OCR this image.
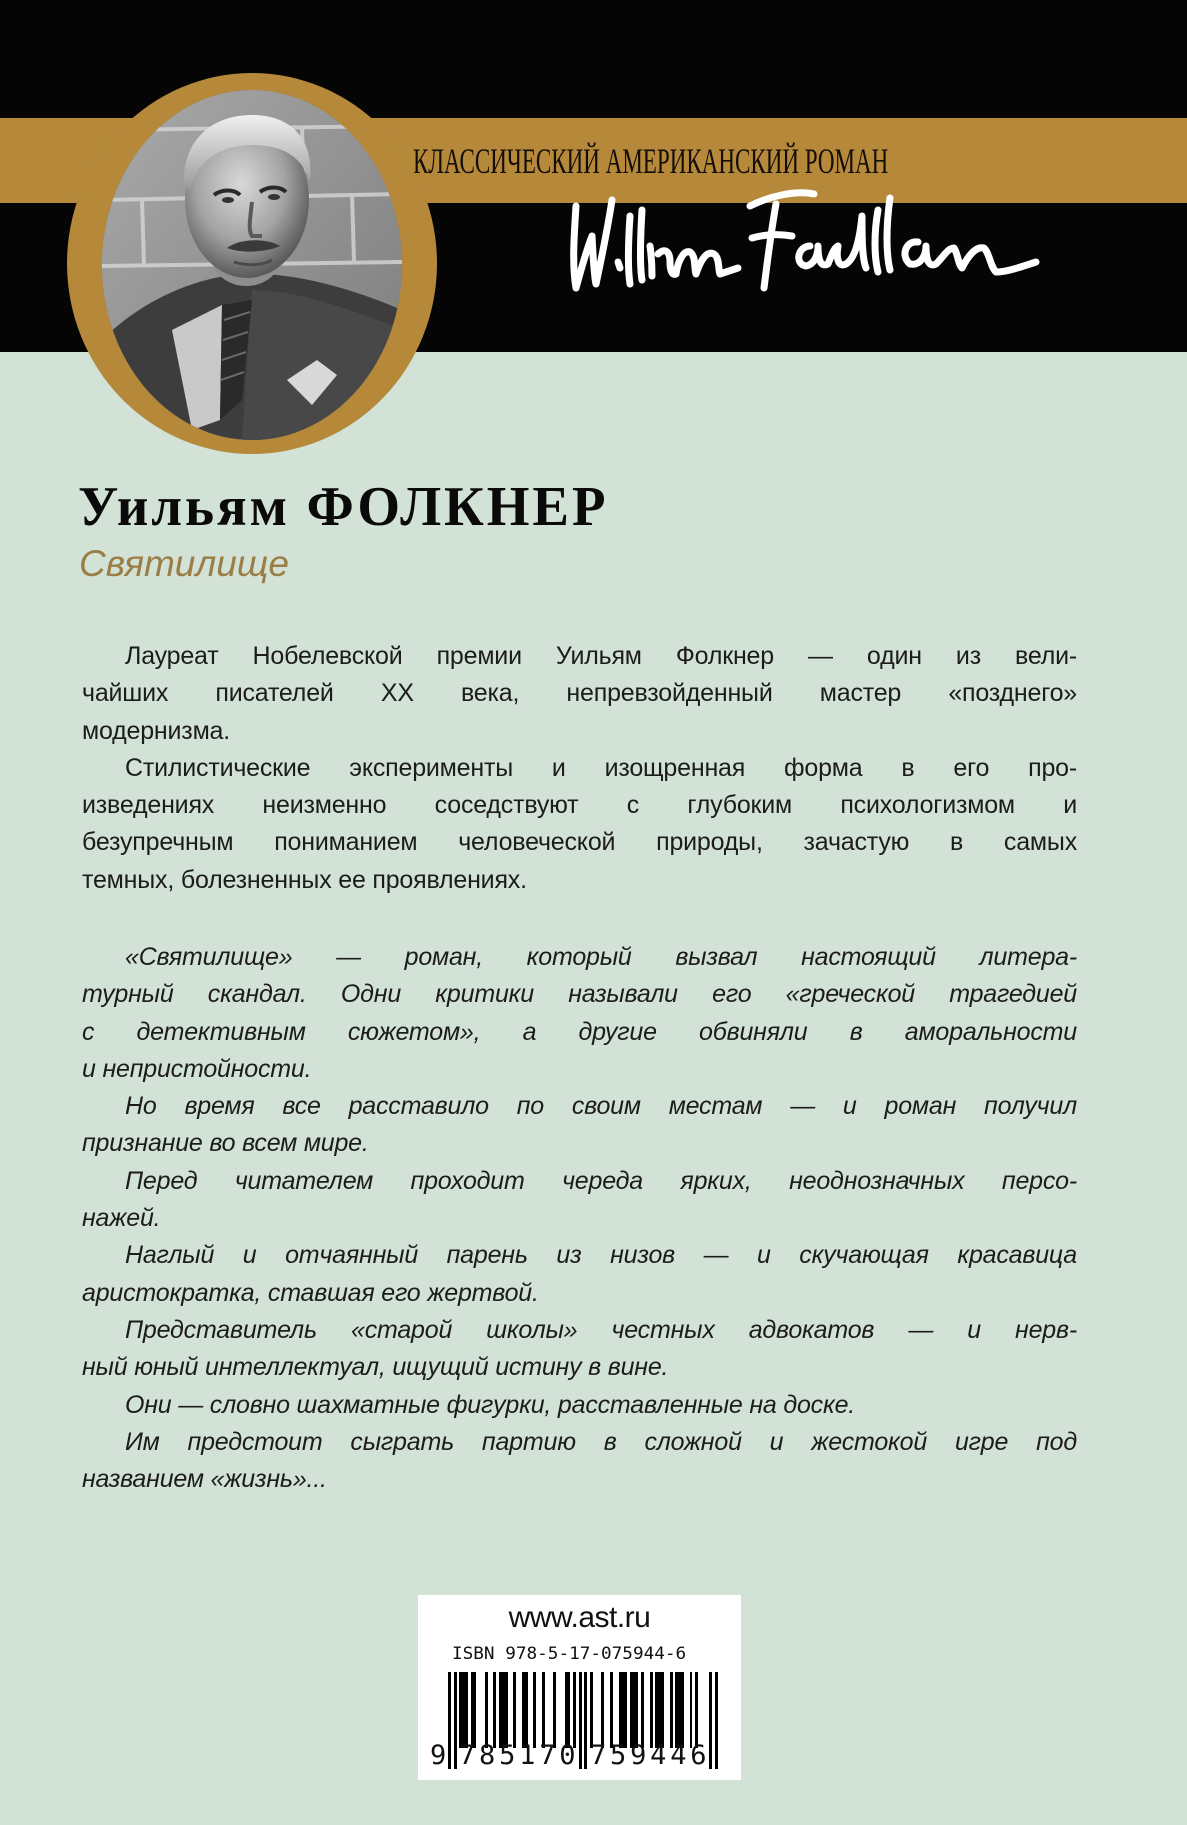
КЛАССИЧЕСКИЙ АМЕРИКАНСКИЙ РОМАН
Уильям ФОЛКНЕР
Святилище
Лауреат Нобелевской премии Уильям Фолкнер — один из вели-
чайших писателей XX века, непревзойденный мастер «позднего»
модернизма.
Стилистические эксперименты и изощренная форма в его про-
изведениях неизменно соседствуют с глубоким психологизмом и
безупречным пониманием человеческой природы, зачастую в самых
темных, болезненных ее проявлениях.
«Святилище» — роман, который вызвал настоящий литера-
турный скандал. Одни критики называли его «греческой трагедией
с детективным сюжетом», а другие обвиняли в аморальности
и непристойности.
Но время все расставило по своим местам — и роман получил
признание во всем мире.
Перед читателем проходит череда ярких, неоднозначных персо-
нажей.
Наглый и отчаянный парень из низов — и скучающая красавица
аристократка, ставшая его жертвой.
Представитель «старой школы» честных адвокатов — и нерв-
ный юный интеллектуал, ищущий истину в вине.
Они — словно шахматные фигурки, расставленные на доске.
Им предстоит сыграть партию в сложной и жестокой игре под
названием «жизнь»...
www.ast.ru
ISBN 978-5-17-075944-6
9 785170 759446
